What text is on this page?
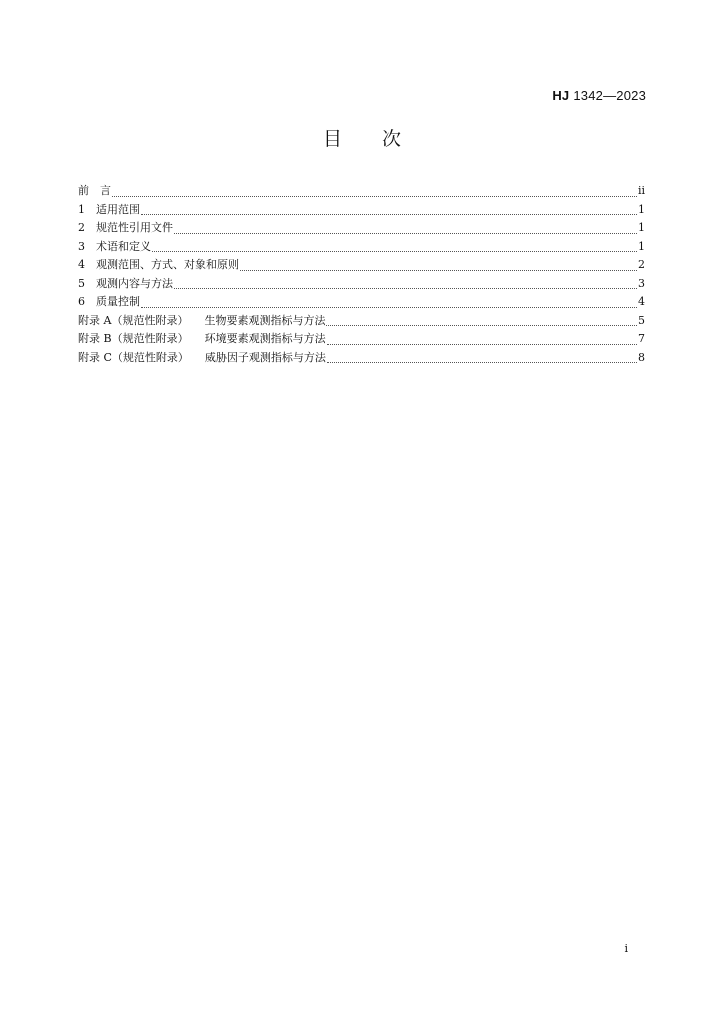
HJ 1342—2023
目 次
前　言	ii
1	适用范围	1
2	规范性引用文件	1
3	术语和定义	1
4	观测范围、方式、对象和原则	2
5	观测内容与方法	3
6	质量控制	4
附录 A（规范性附录） 生物要素观测指标与方法	5
附录 B（规范性附录） 环境要素观测指标与方法	7
附录 C（规范性附录） 威胁因子观测指标与方法	8
i
